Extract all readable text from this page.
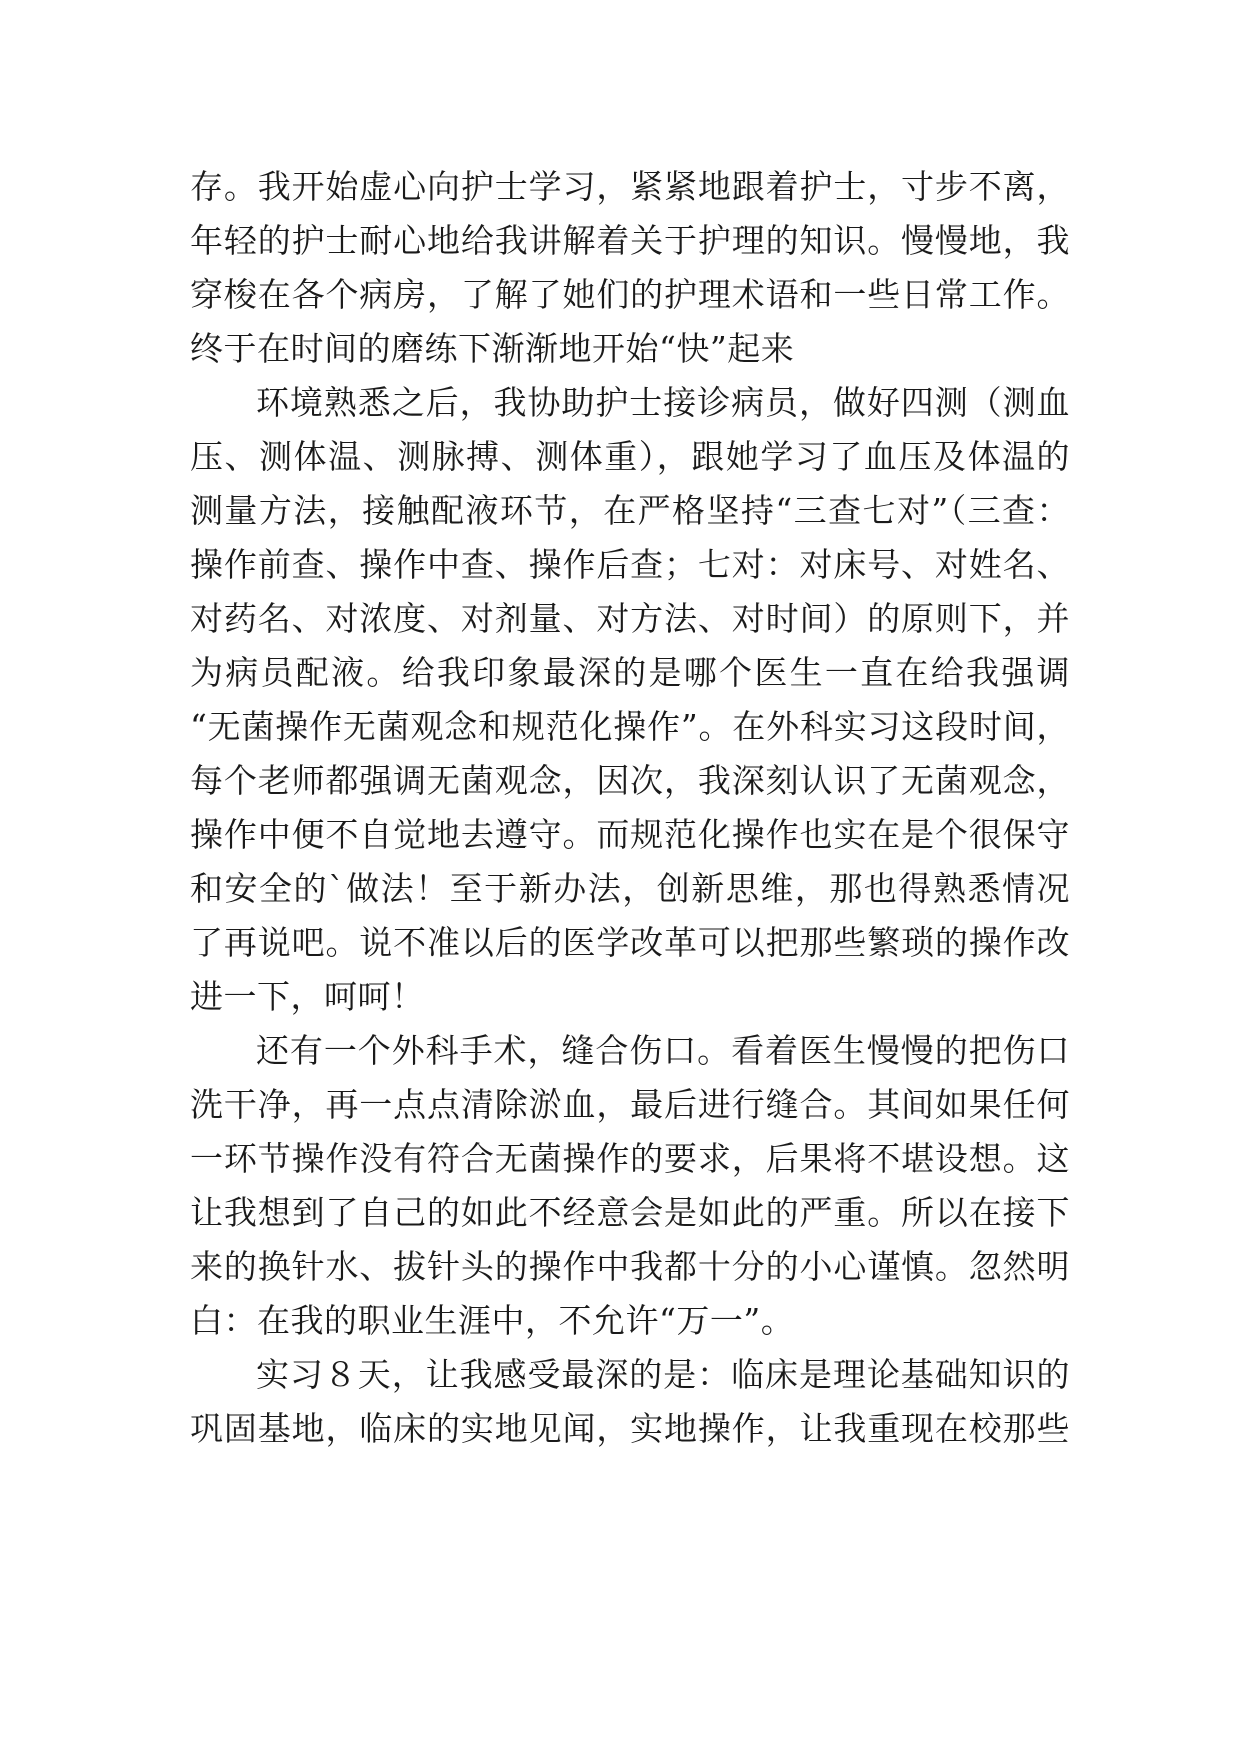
存。我开始虚心向护士学习，紧紧地跟着护士，寸步不离，
年轻的护士耐心地给我讲解着关于护理的知识。慢慢地，我
穿梭在各个病房，了解了她们的护理术语和一些日常工作。
终于在时间的磨练下渐渐地开始“快”起来
环境熟悉之后，我协助护士接诊病员，做好四测（测血
压、测体温、测脉搏、测体重），跟她学习了血压及体温的
测量方法，接触配液环节，在严格坚持“三查七对”（三查：
操作前查、操作中查、操作后查；七对：对床号、对姓名、
对药名、对浓度、对剂量、对方法、对时间）的原则下，并
为病员配液。给我印象最深的是哪个医生一直在给我强调
“无菌操作无菌观念和规范化操作”。在外科实习这段时间，
每个老师都强调无菌观念，因次，我深刻认识了无菌观念，
操作中便不自觉地去遵守。而规范化操作也实在是个很保守
和安全的`做法！至于新办法，创新思维，那也得熟悉情况
了再说吧。说不准以后的医学改革可以把那些繁琐的操作改
进一下，呵呵！
还有一个外科手术，缝合伤口。看着医生慢慢的把伤口
洗干净，再一点点清除淤血，最后进行缝合。其间如果任何
一环节操作没有符合无菌操作的要求，后果将不堪设想。这
让我想到了自己的如此不经意会是如此的严重。所以在接下
来的换针水、拔针头的操作中我都十分的小心谨慎。忽然明
白：在我的职业生涯中，不允许“万一”。
实习８天，让我感受最深的是：临床是理论基础知识的
巩固基地，临床的实地见闻，实地操作，让我重现在校那些
